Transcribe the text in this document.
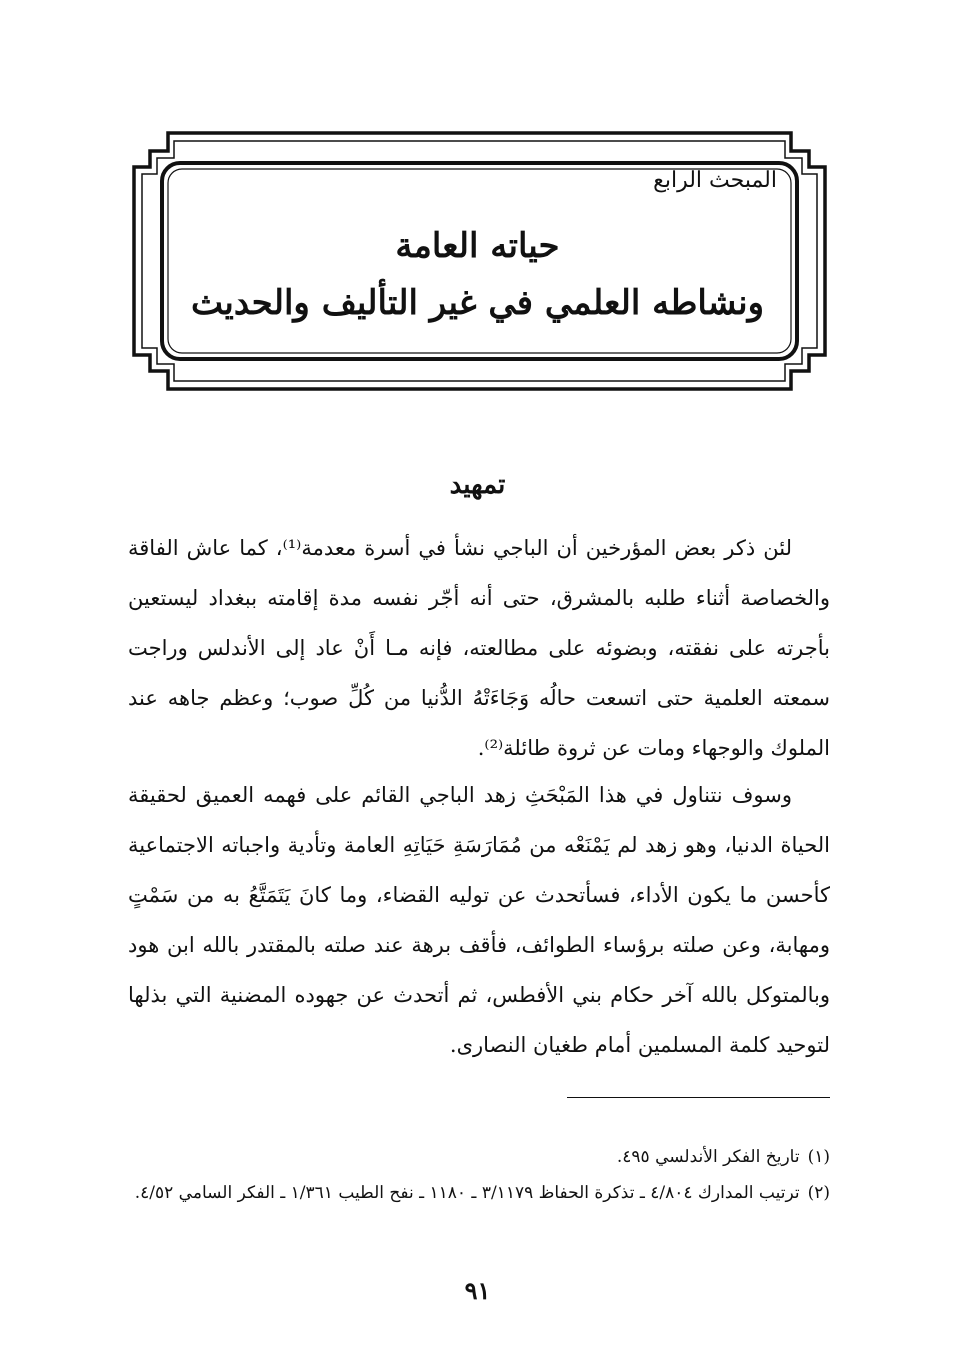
المبحث الرابع
حياته العامة
ونشاطه العلمي في غير التأليف والحديث
تمهيد

لئن ذكر بعض المؤرخين أن الباجي نشأ في أسرة معدمة⁽¹⁾، كما عاش الفاقة والخصاصة أثناء طلبه بالمشرق، حتى أنه أجّر نفسه مدة إقامته ببغداد ليستعين بأجرته على نفقته، وبضوئه على مطالعته، فإنه مـا أَنْ عاد إلى الأندلس وراجت سمعته العلمية حتى اتسعت حالُه وَجَاءَتْهُ الدُّنيا من كُلِّ صوب؛ وعظم جاهه عند الملوك والوجهاء ومات عن ثروة طائلة⁽²⁾.

وسوف نتناول في هذا المَبْحَثِ زهد الباجي القائم على فهمه العميق لحقيقة الحياة الدنيا، وهو زهد لم يَمْنَعْه من مُمَارَسَةِ حَيَاتِهِ العامة وتأدية واجباته الاجتماعية كأحسن ما يكون الأداء، فسأتحدث عن توليه القضاء، وما كانَ يَتَمَتَّعُ به من سَمْتٍ ومهابة، وعن صلته برؤساء الطوائف، فأقف برهة عند صلته بالمقتدر بالله ابن هود وبالمتوكل بالله آخر حكام بني الأفطس، ثم أتحدث عن جهوده المضنية التي بذلها لتوحيد كلمة المسلمين أمام طغيان النصارى.

(١)تاريخ الفكر الأندلسي ٤٩٥.

(٢)ترتيب المدارك ٤/٨٠٤ ـ تذكرة الحفاظ ٣/١١٧٩ ـ ١١٨٠ ـ نفح الطيب ١/٣٦١ ـ الفكر السامي ٤/٥٢.

٩١
